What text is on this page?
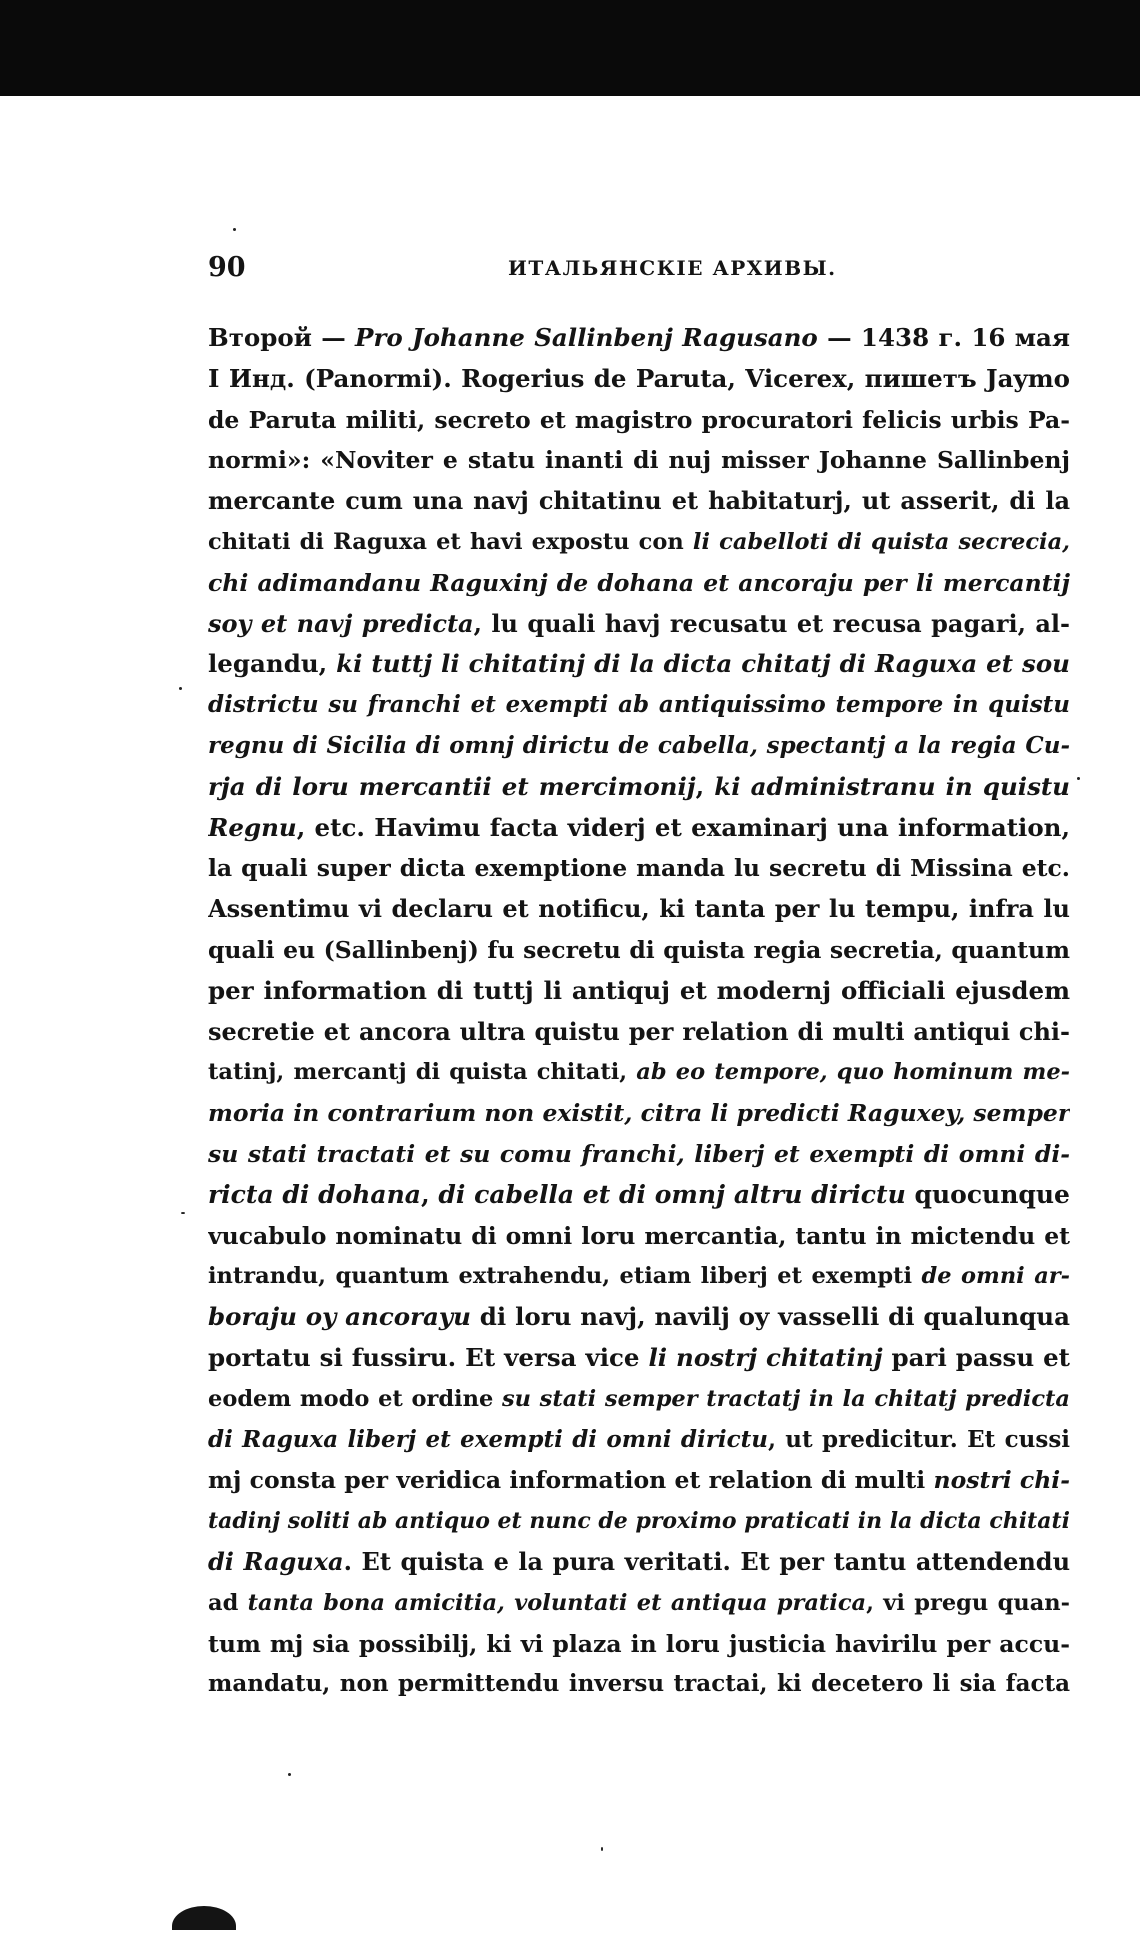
90	ИТАЛЬЯНСКІЕ АРХИВЫ.
Второй — Pro Johanne Sallinbenj Ragusano — 1438 г. 16 мая
I Инд. (Panormi). Rogerius de Paruta, Vicerex, пишетъ Jaymo
de Paruta militi, secreto et magistro procuratori felicis urbis Pa-
normi»: «Noviter e statu inanti di nuj misser Johanne Sallinbenj
mercante cum una navj chitatinu et habitaturj, ut asserit, di la
chitati di Raguxa et havi expostu con li cabelloti di quista secrecia,
chi adimandanu Raguxinj de dohana et ancoraju per li mercantij
soy et navj predicta, lu quali havj recusatu et recusa pagari, al-
legandu, ki tuttj li chitatinj di la dicta chitatj di Raguxa et sou
districtu su franchi et exempti ab antiquissimo tempore in quistu
regnu di Sicilia di omnj dirictu de cabella, spectantj a la regia Cu-
rja di loru mercantii et mercimonij, ki administranu in quistu
Regnu, etc. Havimu facta viderj et examinarj una information,
la quali super dicta exemptione manda lu secretu di Missina etc.
Assentimu vi declaru et notificu, ki tanta per lu tempu, infra lu
quali eu (Sallinbenj) fu secretu di quista regia secretia, quantum
per information di tuttj li antiquj et modernj officiali ejusdem
secretie et ancora ultra quistu per relation di multi antiqui chi-
tatinj, mercantj di quista chitati, ab eo tempore, quo hominum me-
moria in contrarium non existit, citra li predicti Raguxey, semper
su stati tractati et su comu franchi, liberj et exempti di omni di-
ricta di dohana, di cabella et di omnj altru dirictu quocunque
vucabulo nominatu di omni loru mercantia, tantu in mictendu et
intrandu, quantum extrahendu, etiam liberj et exempti de omni ar-
boraju oy ancorayu di loru navj, navilj oy vasselli di qualunqua
portatu si fussiru. Et versa vice li nostrj chitatinj pari passu et
eodem modo et ordine su stati semper tractatj in la chitatj predicta
di Raguxa liberj et exempti di omni dirictu, ut predicitur. Et cussi
mj consta per veridica information et relation di multi nostri chi-
tadinj soliti ab antiquo et nunc de proximo praticati in la dicta chitati
di Raguxa. Et quista e la pura veritati. Et per tantu attendendu
ad tanta bona amicitia, voluntati et antiqua pratica, vi pregu quan-
tum mj sia possibilj, ki vi plaza in loru justicia havirilu per accu-
mandatu, non permittendu inversu tractai, ki decetero li sia facta
